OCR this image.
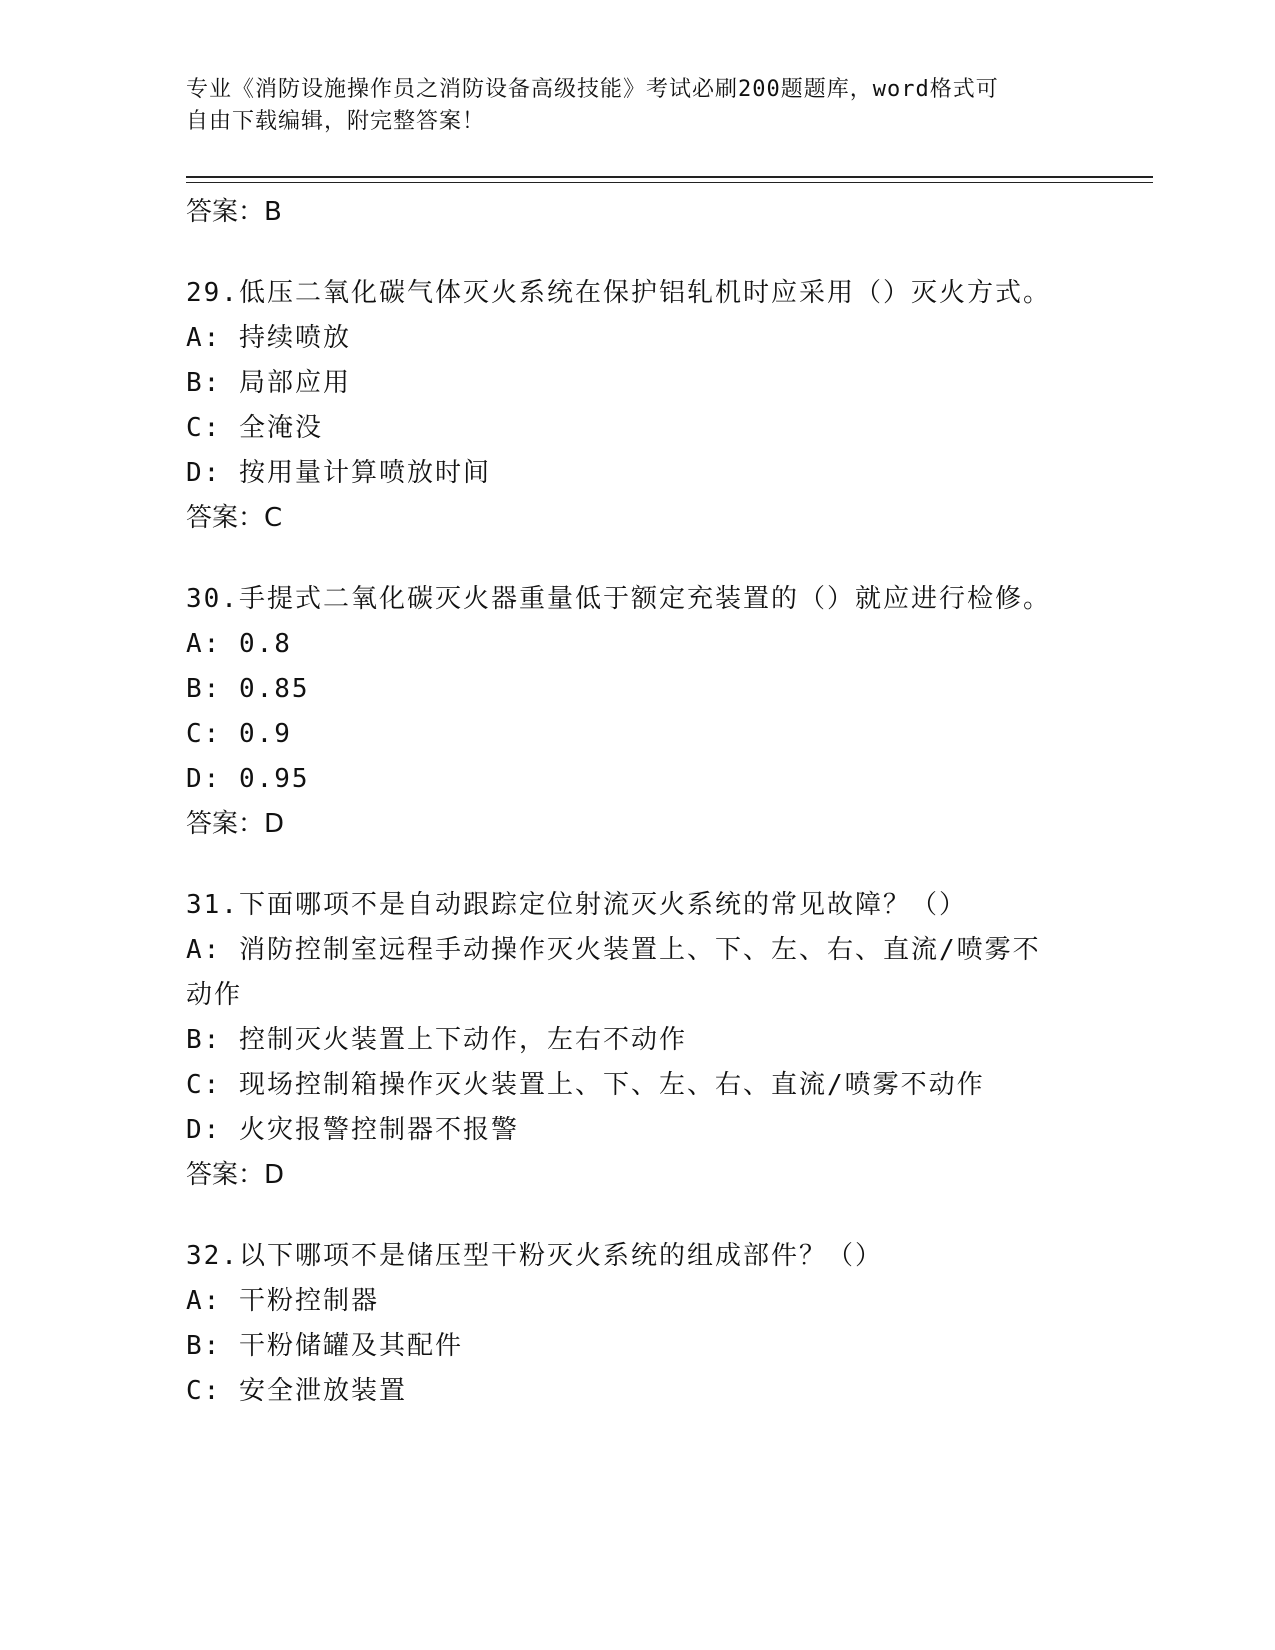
专业《消防设施操作员之消防设备高级技能》考试必刷200题题库，word格式可
自由下载编辑，附完整答案！
答案：B
29.低压二氧化碳气体灭火系统在保护铝轧机时应采用（）灭火方式。
A: 持续喷放
B: 局部应用
C: 全淹没
D: 按用量计算喷放时间
答案：C
30.手提式二氧化碳灭火器重量低于额定充装置的（）就应进行检修。
A: 0.8
B: 0.85
C: 0.9
D: 0.95
答案：D
31.下面哪项不是自动跟踪定位射流灭火系统的常见故障？（）
A: 消防控制室远程手动操作灭火装置上、下、左、右、直流/喷雾不动作
B: 控制灭火装置上下动作，左右不动作
C: 现场控制箱操作灭火装置上、下、左、右、直流/喷雾不动作
D: 火灾报警控制器不报警
答案：D
32.以下哪项不是储压型干粉灭火系统的组成部件？（）
A: 干粉控制器
B: 干粉储罐及其配件
C: 安全泄放装置
